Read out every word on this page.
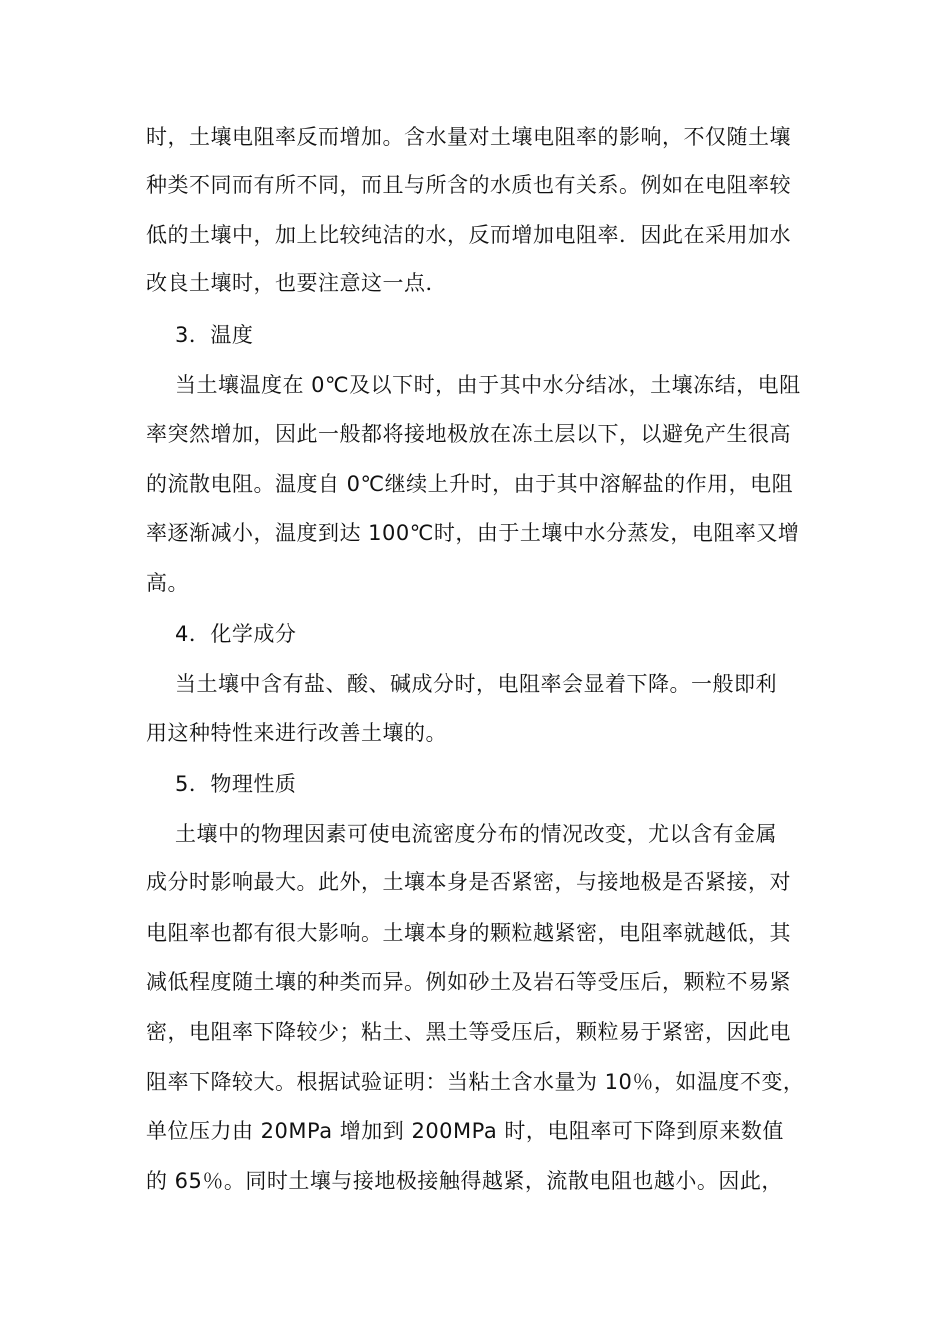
时，土壤电阻率反而增加。含水量对土壤电阻率的影响，不仅随土壤
种类不同而有所不同，而且与所含的水质也有关系。例如在电阻率较
低的土壤中，加上比较纯洁的水，反而增加电阻率．因此在采用加水
改良土壤时，也要注意这一点．
3．温度
当土壤温度在 0℃及以下时，由于其中水分结冰，土壤冻结，电阻
率突然增加，因此一般都将接地极放在冻土层以下，以避免产生很高
的流散电阻。温度自 0℃继续上升时，由于其中溶解盐的作用，电阻
率逐渐减小，温度到达 100℃时，由于土壤中水分蒸发，电阻率又增
高。
4．化学成分
当土壤中含有盐、酸、碱成分时，电阻率会显着下降。一般即利
用这种特性来进行改善土壤的。
5．物理性质
土壤中的物理因素可使电流密度分布的情况改变，尤以含有金属
成分时影响最大。此外，土壤本身是否紧密，与接地极是否紧接，对
电阻率也都有很大影响。土壤本身的颗粒越紧密，电阻率就越低，其
减低程度随土壤的种类而异。例如砂土及岩石等受压后，颗粒不易紧
密，电阻率下降较少；粘土、黑土等受压后，颗粒易于紧密，因此电
阻率下降较大。根据试验证明：当粘土含水量为 10％，如温度不变，
单位压力由 20MPa 增加到 200MPa 时，电阻率可下降到原来数值
的 65％。同时土壤与接地极接触得越紧，流散电阻也越小。因此，
